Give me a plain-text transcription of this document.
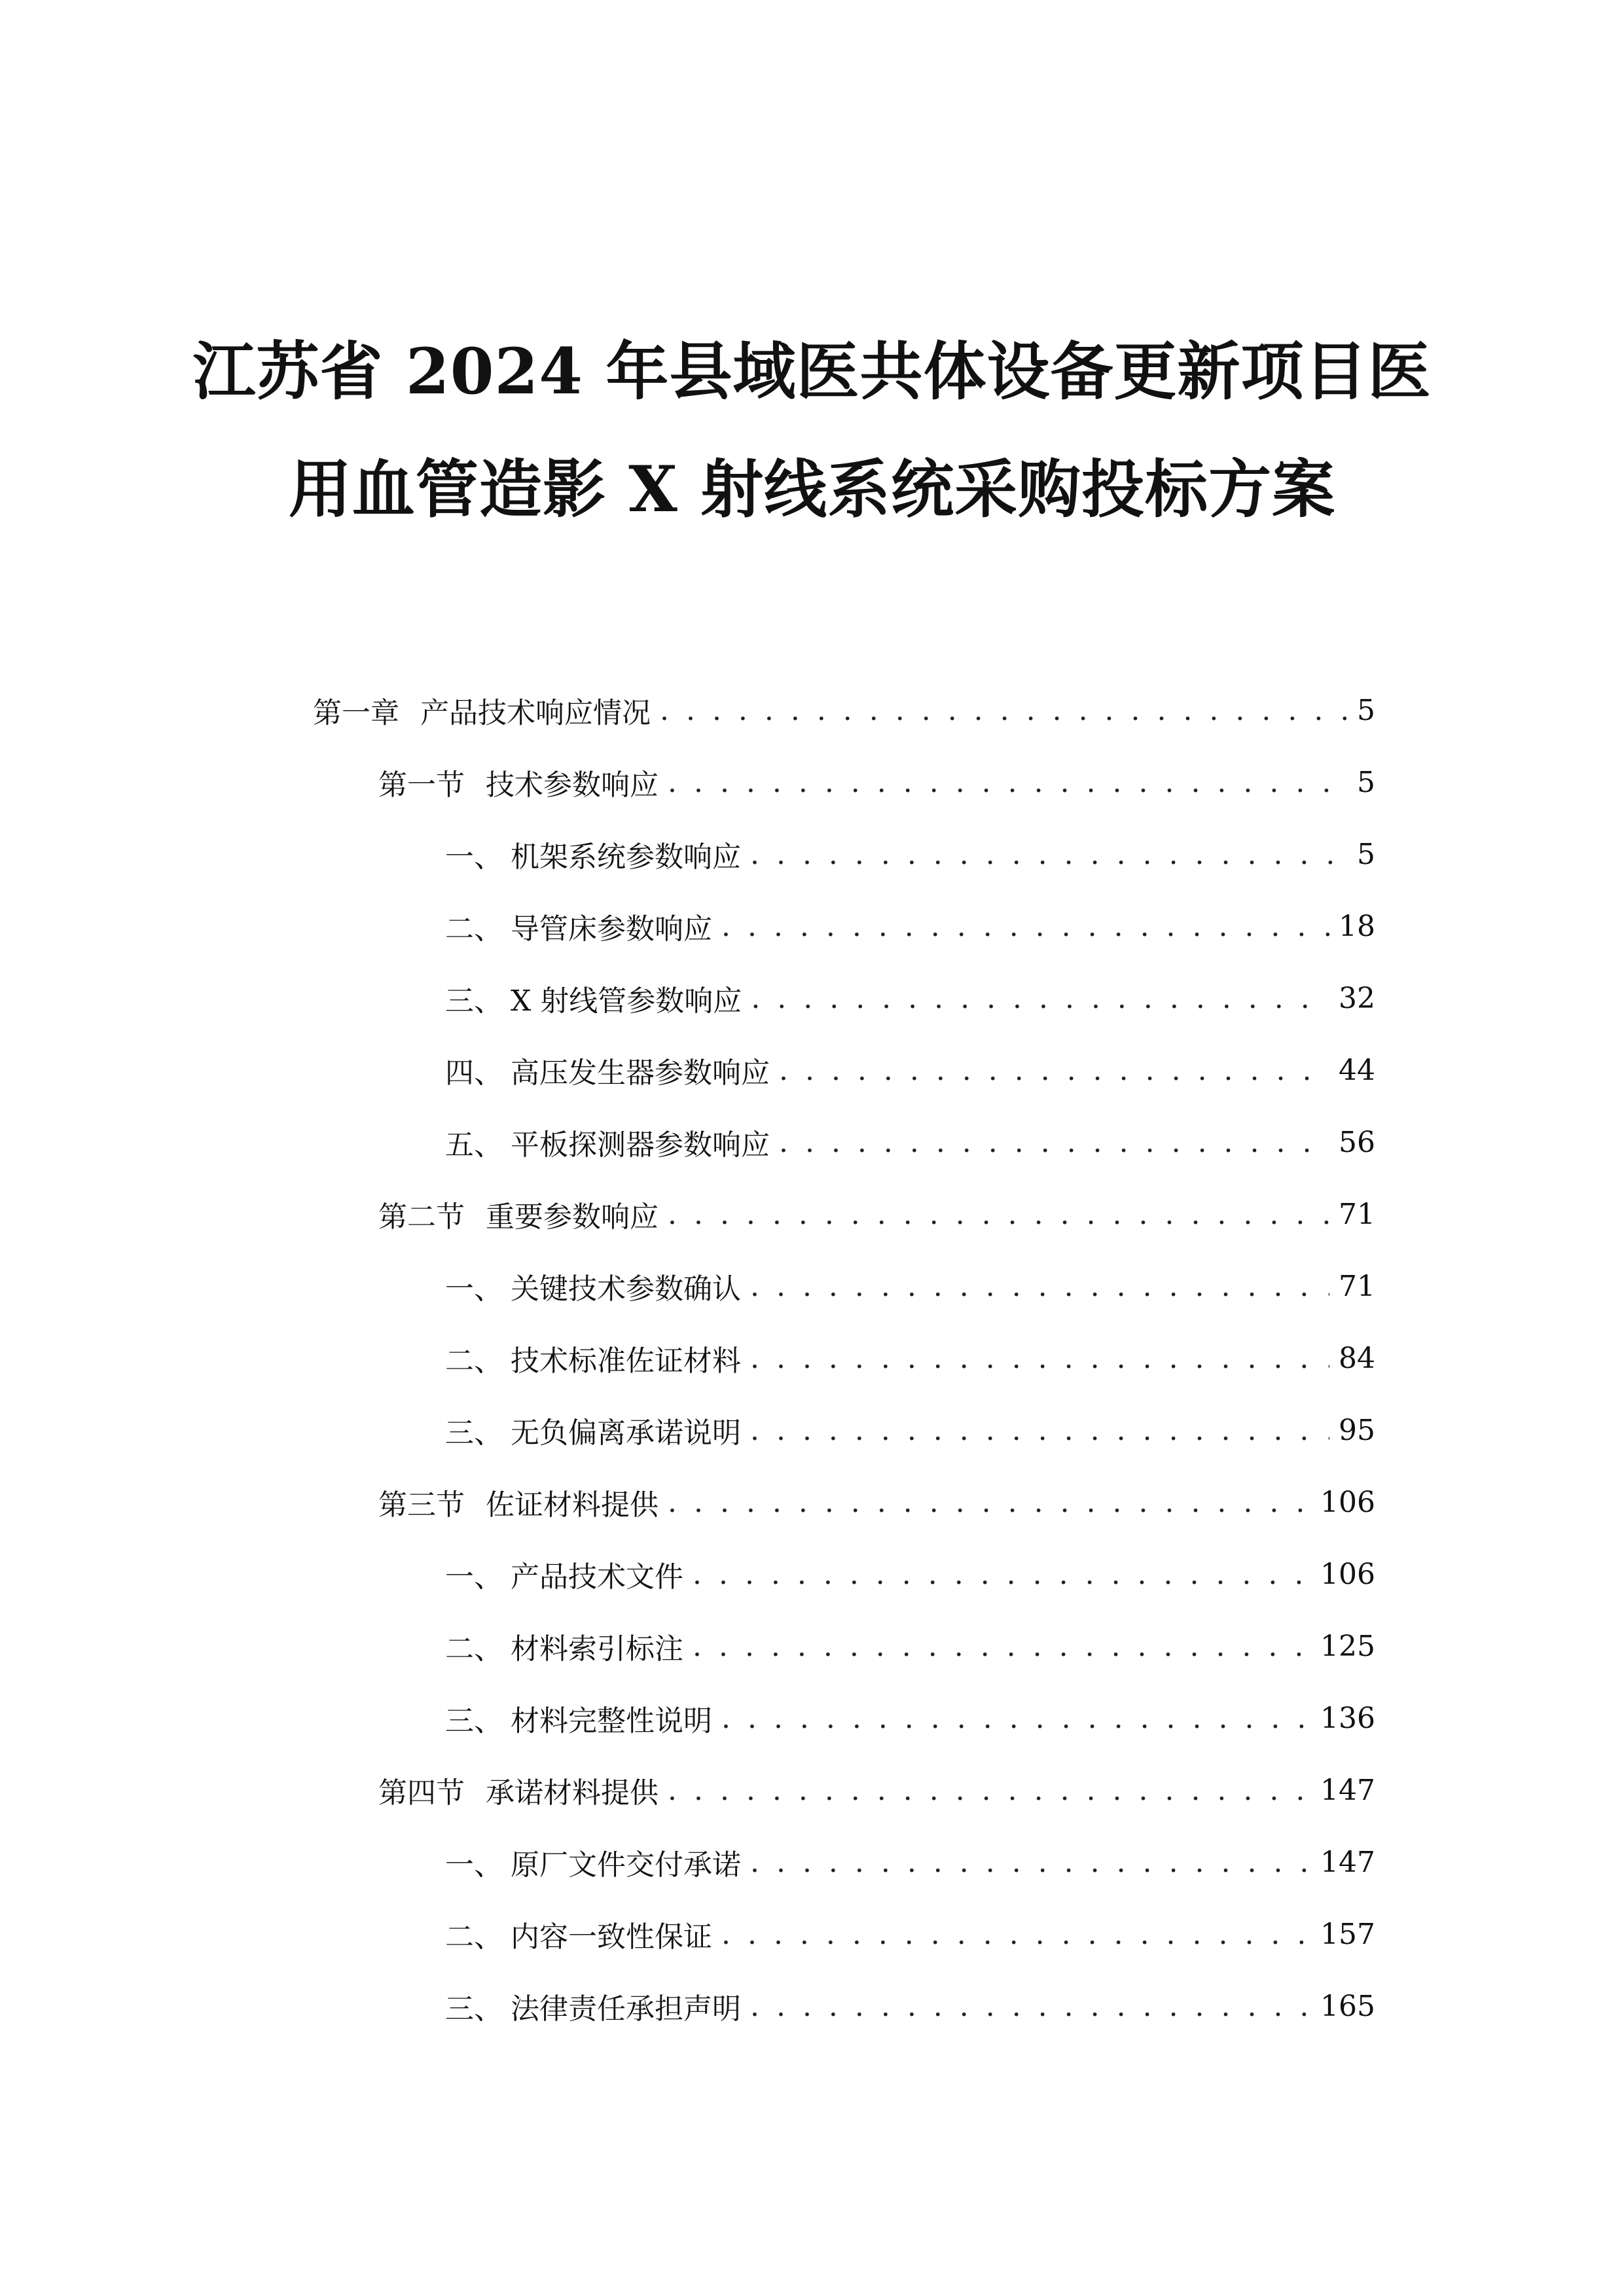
江苏省 2024 年县域医共体设备更新项目医
用血管造影 X 射线系统采购投标方案
第一章 产品技术响应情况 . . .	5
第一节 技术参数响应 . . .	5
一、 机架系统参数响应 . . .	5
二、 导管床参数响应 . . .	18
三、 X 射线管参数响应 . . .	32
四、 高压发生器参数响应 . . .	44
五、 平板探测器参数响应 . . .	56
第二节 重要参数响应 . . .	71
一、 关键技术参数确认 . . .	71
二、 技术标准佐证材料 . . .	84
三、 无负偏离承诺说明 . . .	95
第三节 佐证材料提供 . . .	106
一、 产品技术文件 . . .	106
二、 材料索引标注 . . .	125
三、 材料完整性说明 . . .	136
第四节 承诺材料提供 . . .	147
一、 原厂文件交付承诺 . . .	147
二、 内容一致性保证 . . .	157
三、 法律责任承担声明 . . .	165
